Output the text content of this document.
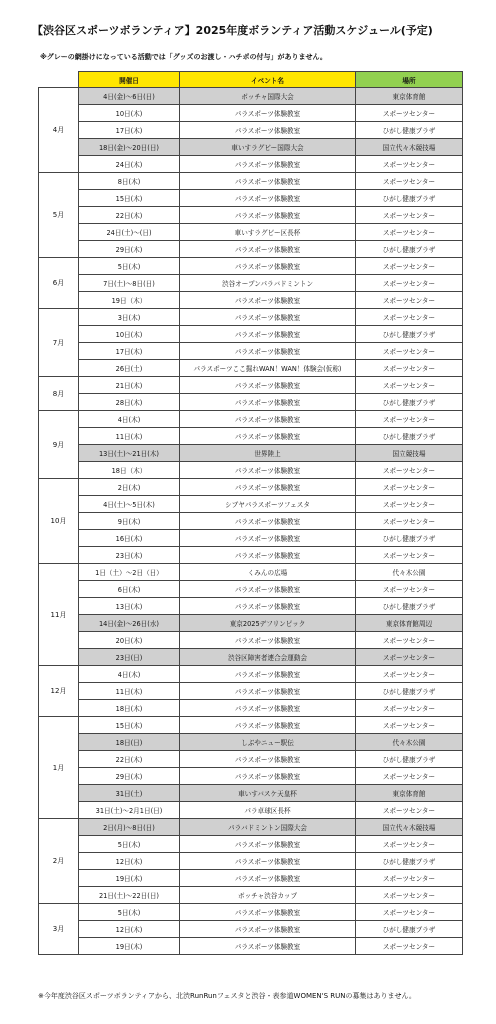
【渋谷区スポーツボランティア】2025年度ボランティア活動スケジュール(予定)
※グレーの網掛けになっている活動では「グッズのお渡し・ハチポの付与」がありません。
	開催日	イベント名	場所
4月	4日(金)～6日(日)	ボッチャ国際大会	東京体育館
	10日(木)	パラスポーツ体験教室	スポーツセンター
	17日(木)	パラスポーツ体験教室	ひがし健康プラザ
	18日(金)～20日(日)	車いすラグビー国際大会	国立代々木競技場
	24日(木)	パラスポーツ体験教室	スポーツセンター
5月	8日(木)	パラスポーツ体験教室	スポーツセンター
	15日(木)	パラスポーツ体験教室	ひがし健康プラザ
	22日(木)	パラスポーツ体験教室	スポーツセンター
	24日(土)～(日)	車いすラグビー区長杯	スポーツセンター
	29日(木)	パラスポーツ体験教室	ひがし健康プラザ
6月	5日(木)	パラスポーツ体験教室	スポーツセンター
	7日(土)～8日(日)	渋谷オープンパラバドミントン	スポーツセンター
	19日（木）	パラスポーツ体験教室	スポーツセンター
7月	3日(木)	パラスポーツ体験教室	スポーツセンター
	10日(木)	パラスポーツ体験教室	ひがし健康プラザ
	17日(木)	パラスポーツ体験教室	スポーツセンター
	26日(土)	パラスポーツここ掘れWAN！WAN！体験会(仮称)	スポーツセンター
8月	21日(木)	パラスポーツ体験教室	スポーツセンター
	28日(木)	パラスポーツ体験教室	ひがし健康プラザ
9月	4日(木)	パラスポーツ体験教室	スポーツセンター
	11日(木)	パラスポーツ体験教室	ひがし健康プラザ
	13日(土)～21日(木)	世界陸上	国立競技場
	18日（木）	パラスポーツ体験教室	スポーツセンター
10月	2日(木)	パラスポーツ体験教室	スポーツセンター
	4日(土)～5日(木)	シブヤパラスポーツフェスタ	スポーツセンター
	9日(木)	パラスポーツ体験教室	スポーツセンター
	16日(木)	パラスポーツ体験教室	ひがし健康プラザ
	23日(木)	パラスポーツ体験教室	スポーツセンター
11月	1日（土）～2日（日）	くみんの広場	代々木公園
	6日(木)	パラスポーツ体験教室	スポーツセンター
	13日(木)	パラスポーツ体験教室	ひがし健康プラザ
	14日(金)～26日(水)	東京2025デフリンピック	東京体育館周辺
	20日(木)	パラスポーツ体験教室	スポーツセンター
	23日(日)	渋谷区障害者連合会運動会	スポーツセンター
12月	4日(木)	パラスポーツ体験教室	スポーツセンター
	11日(木)	パラスポーツ体験教室	ひがし健康プラザ
	18日(木)	パラスポーツ体験教室	スポーツセンター
1月	15日(木)	パラスポーツ体験教室	スポーツセンター
	18日(日)	しぶやニュー駅伝	代々木公園
	22日(木)	パラスポーツ体験教室	ひがし健康プラザ
	29日(木)	パラスポーツ体験教室	スポーツセンター
	31日(土)	車いすバスケ天皇杯	東京体育館
	31日(土)～2月1日(日)	パラ卓球区長杯	スポーツセンター
2月	2日(月)～8日(日)	パラバドミントン国際大会	国立代々木競技場
	5日(木)	パラスポーツ体験教室	スポーツセンター
	12日(木)	パラスポーツ体験教室	ひがし健康プラザ
	19日(木)	パラスポーツ体験教室	スポーツセンター
	21日(土)～22日(日)	ボッチャ渋谷カップ	スポーツセンター
3月	5日(木)	パラスポーツ体験教室	スポーツセンター
	12日(木)	パラスポーツ体験教室	ひがし健康プラザ
	19日(木)	パラスポーツ体験教室	スポーツセンター
※今年度渋谷区スポーツボランティアから、北渋RunRunフェスタと渋谷・表参道WOMEN'S RUNの募集はありません。
